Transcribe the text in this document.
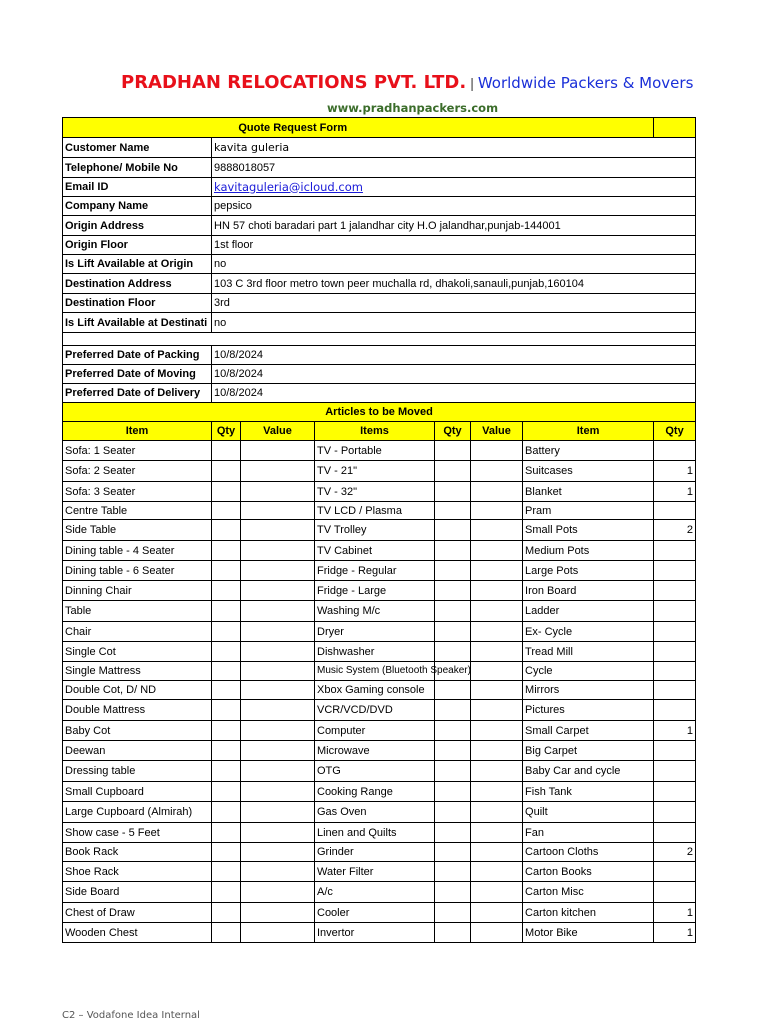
PRADHAN RELOCATIONS PVT. LTD. | Worldwide Packers & Movers
www.pradhanpackers.com
Quote Request Form							
Customer Name	kavita guleria						
Telephone/ Mobile No	9888018057						
Email ID	kavitaguleria@icloud.com						
Company Name	pepsico						
Origin Address	HN 57 choti baradari part 1 jalandhar city H.O jalandhar,punjab-144001						
Origin Floor	1st floor						
Is Lift Available at Origin	no						
Destination Address	103 C 3rd floor metro town peer muchalla rd, dhakoli,sanauli,punjab,160104						
Destination Floor	3rd						
Is Lift Available at Destinati	no						

Preferred Date of Packing	10/8/2024						
Preferred Date of Moving	10/8/2024						
Preferred Date of Delivery	10/8/2024						
Articles to be Moved							
Item	Qty	Value	Items	Qty	Value	Item	Qty
Sofa: 1 Seater			TV - Portable			Battery	
Sofa: 2 Seater			TV - 21"			Suitcases	1
Sofa: 3 Seater			TV - 32"			Blanket	1
Centre Table			TV LCD / Plasma			Pram	
Side Table			TV Trolley			Small Pots	2
Dining table - 4 Seater			TV Cabinet			Medium Pots	
Dining table - 6 Seater			Fridge - Regular			Large Pots	
Dinning Chair			Fridge - Large			Iron Board	
Table			Washing M/c			Ladder	
Chair			Dryer			Ex- Cycle	
Single Cot			Dishwasher			Tread Mill	
Single Mattress			Music System (Bluetooth Speaker)			Cycle	
Double Cot, D/ ND			Xbox Gaming console			Mirrors	
Double Mattress			VCR/VCD/DVD			Pictures	
Baby Cot			Computer			Small Carpet	1
Deewan			Microwave			Big Carpet	
Dressing table			OTG			Baby Car and cycle	
Small Cupboard			Cooking Range			Fish Tank	
Large Cupboard (Almirah)			Gas Oven			Quilt	
Show case - 5 Feet			Linen and Quilts			Fan	
Book Rack			Grinder			Cartoon Cloths	2
Shoe Rack			Water Filter			Carton Books	
Side Board			A/c			Carton Misc	
Chest of Draw			Cooler			Carton kitchen	1
Wooden Chest			Invertor			Motor Bike	1
C2 – Vodafone Idea Internal
